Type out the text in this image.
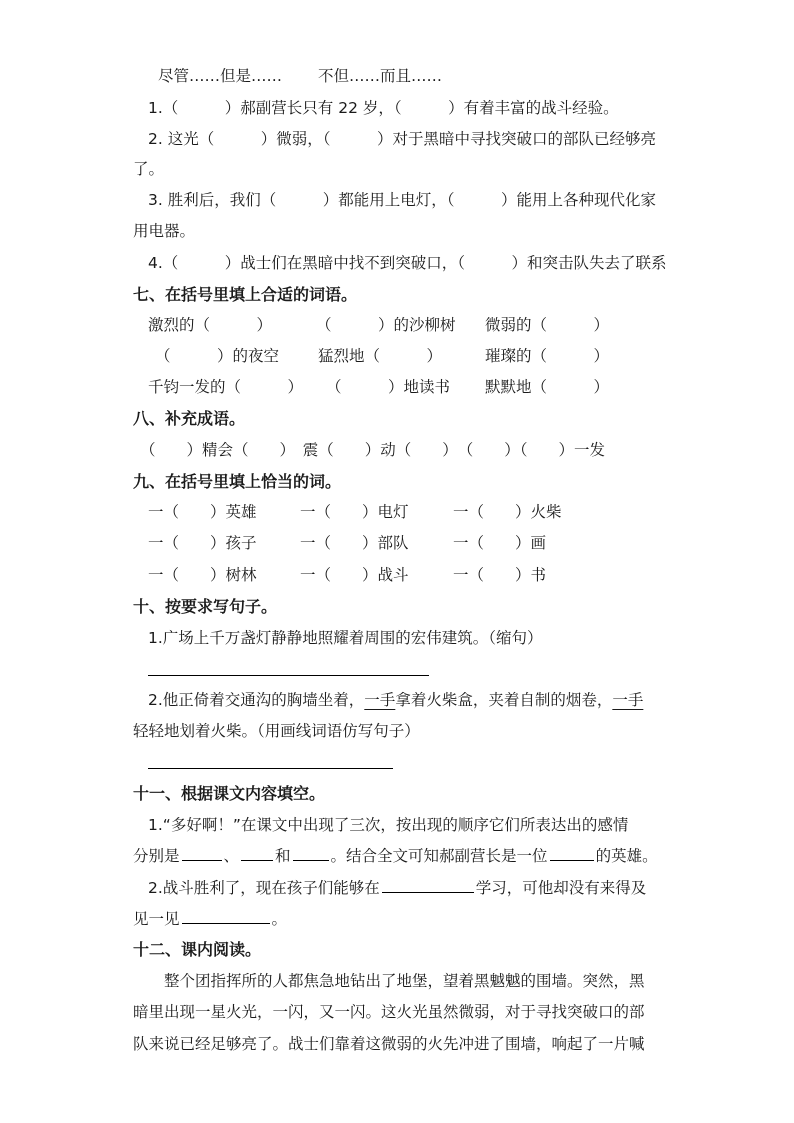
尽管……但是…… 不但……而且……
1.（　　　）郝副营长只有 22 岁，（　　　）有着丰富的战斗经验。
2. 这光（　　　）微弱，（　　　）对于黑暗中寻找突破口的部队已经够亮
了。
3. 胜利后，我们（　　　）都能用上电灯，（　　　）能用上各种现代化家
用电器。
4.（　　　）战士们在黑暗中找不到突破口，（　　　）和突击队失去了联系
七、在括号里填上合适的词语。
激烈的（　　　）	（　　　）的沙柳树 微弱的（　　　）
（　　　）的夜空	猛烈地（　　　）	璀璨的（　　　）
千钧一发的（　　　） （　　　）地读书 默默地（　　　）
八、补充成语。
（　　）精会（　　）　震（　　）动（　　）　（　　）（　　）一发
九、在括号里填上恰当的词。
一（　　）英雄	一（　　）电灯	一（　　）火柴
一（　　）孩子	一（　　）部队	一（　　）画
一（　　）树林	一（　　）战斗	一（　　）书
十、按要求写句子。
1.广场上千万盏灯静静地照耀着周围的宏伟建筑。（缩句）
2.他正倚着交通沟的胸墙坐着，一手拿着火柴盒，夹着自制的烟卷，一手
轻轻地划着火柴。（用画线词语仿写句子）
十一、根据课文内容填空。
1.“多好啊！”在课文中出现了三次，按出现的顺序它们所表达出的感情
分别是	、 和	。结合全文可知郝副营长是一位	的英雄。
2.战斗胜利了，现在孩子们能够在	学习，可他却没有来得及
见一见	。
十二、课内阅读。
　　整个团指挥所的人都焦急地钻出了地堡，望着黑魆魆的围墙。突然，黑
暗里出现一星火光，一闪，又一闪。这火光虽然微弱，对于寻找突破口的部
队来说已经足够亮了。战士们靠着这微弱的火先冲进了围墙，响起了一片喊
